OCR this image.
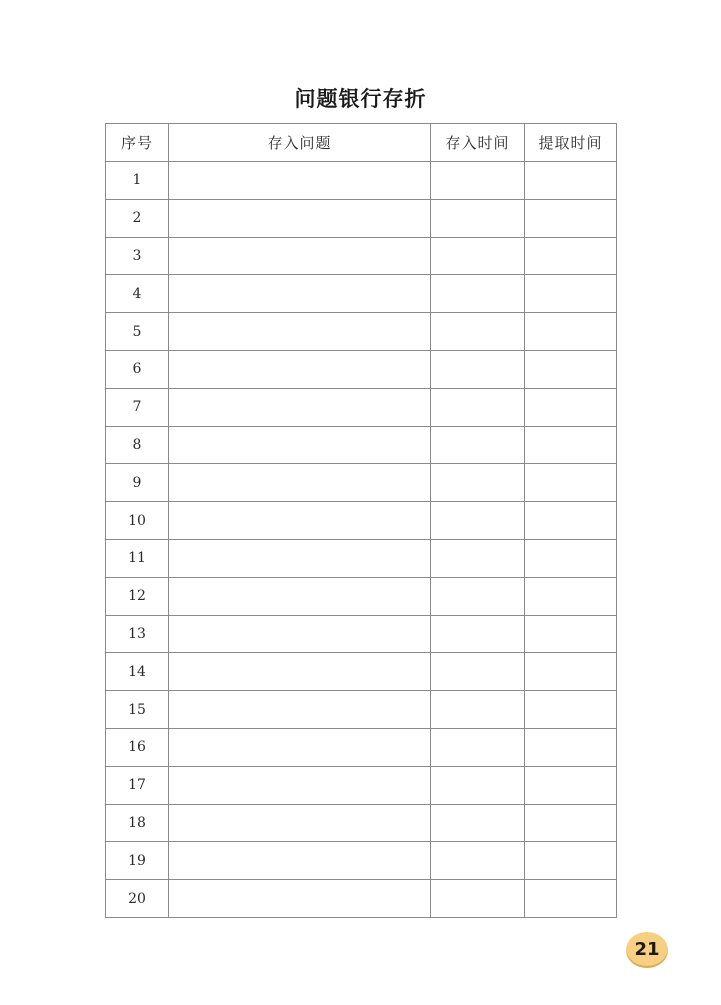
问题银行存折
序号	存入问题	存入时间	提取时间
1			
2			
3			
4			
5			
6			
7			
8			
9			
10			
11			
12			
13			
14			
15			
16			
17			
18			
19			
20			
21
